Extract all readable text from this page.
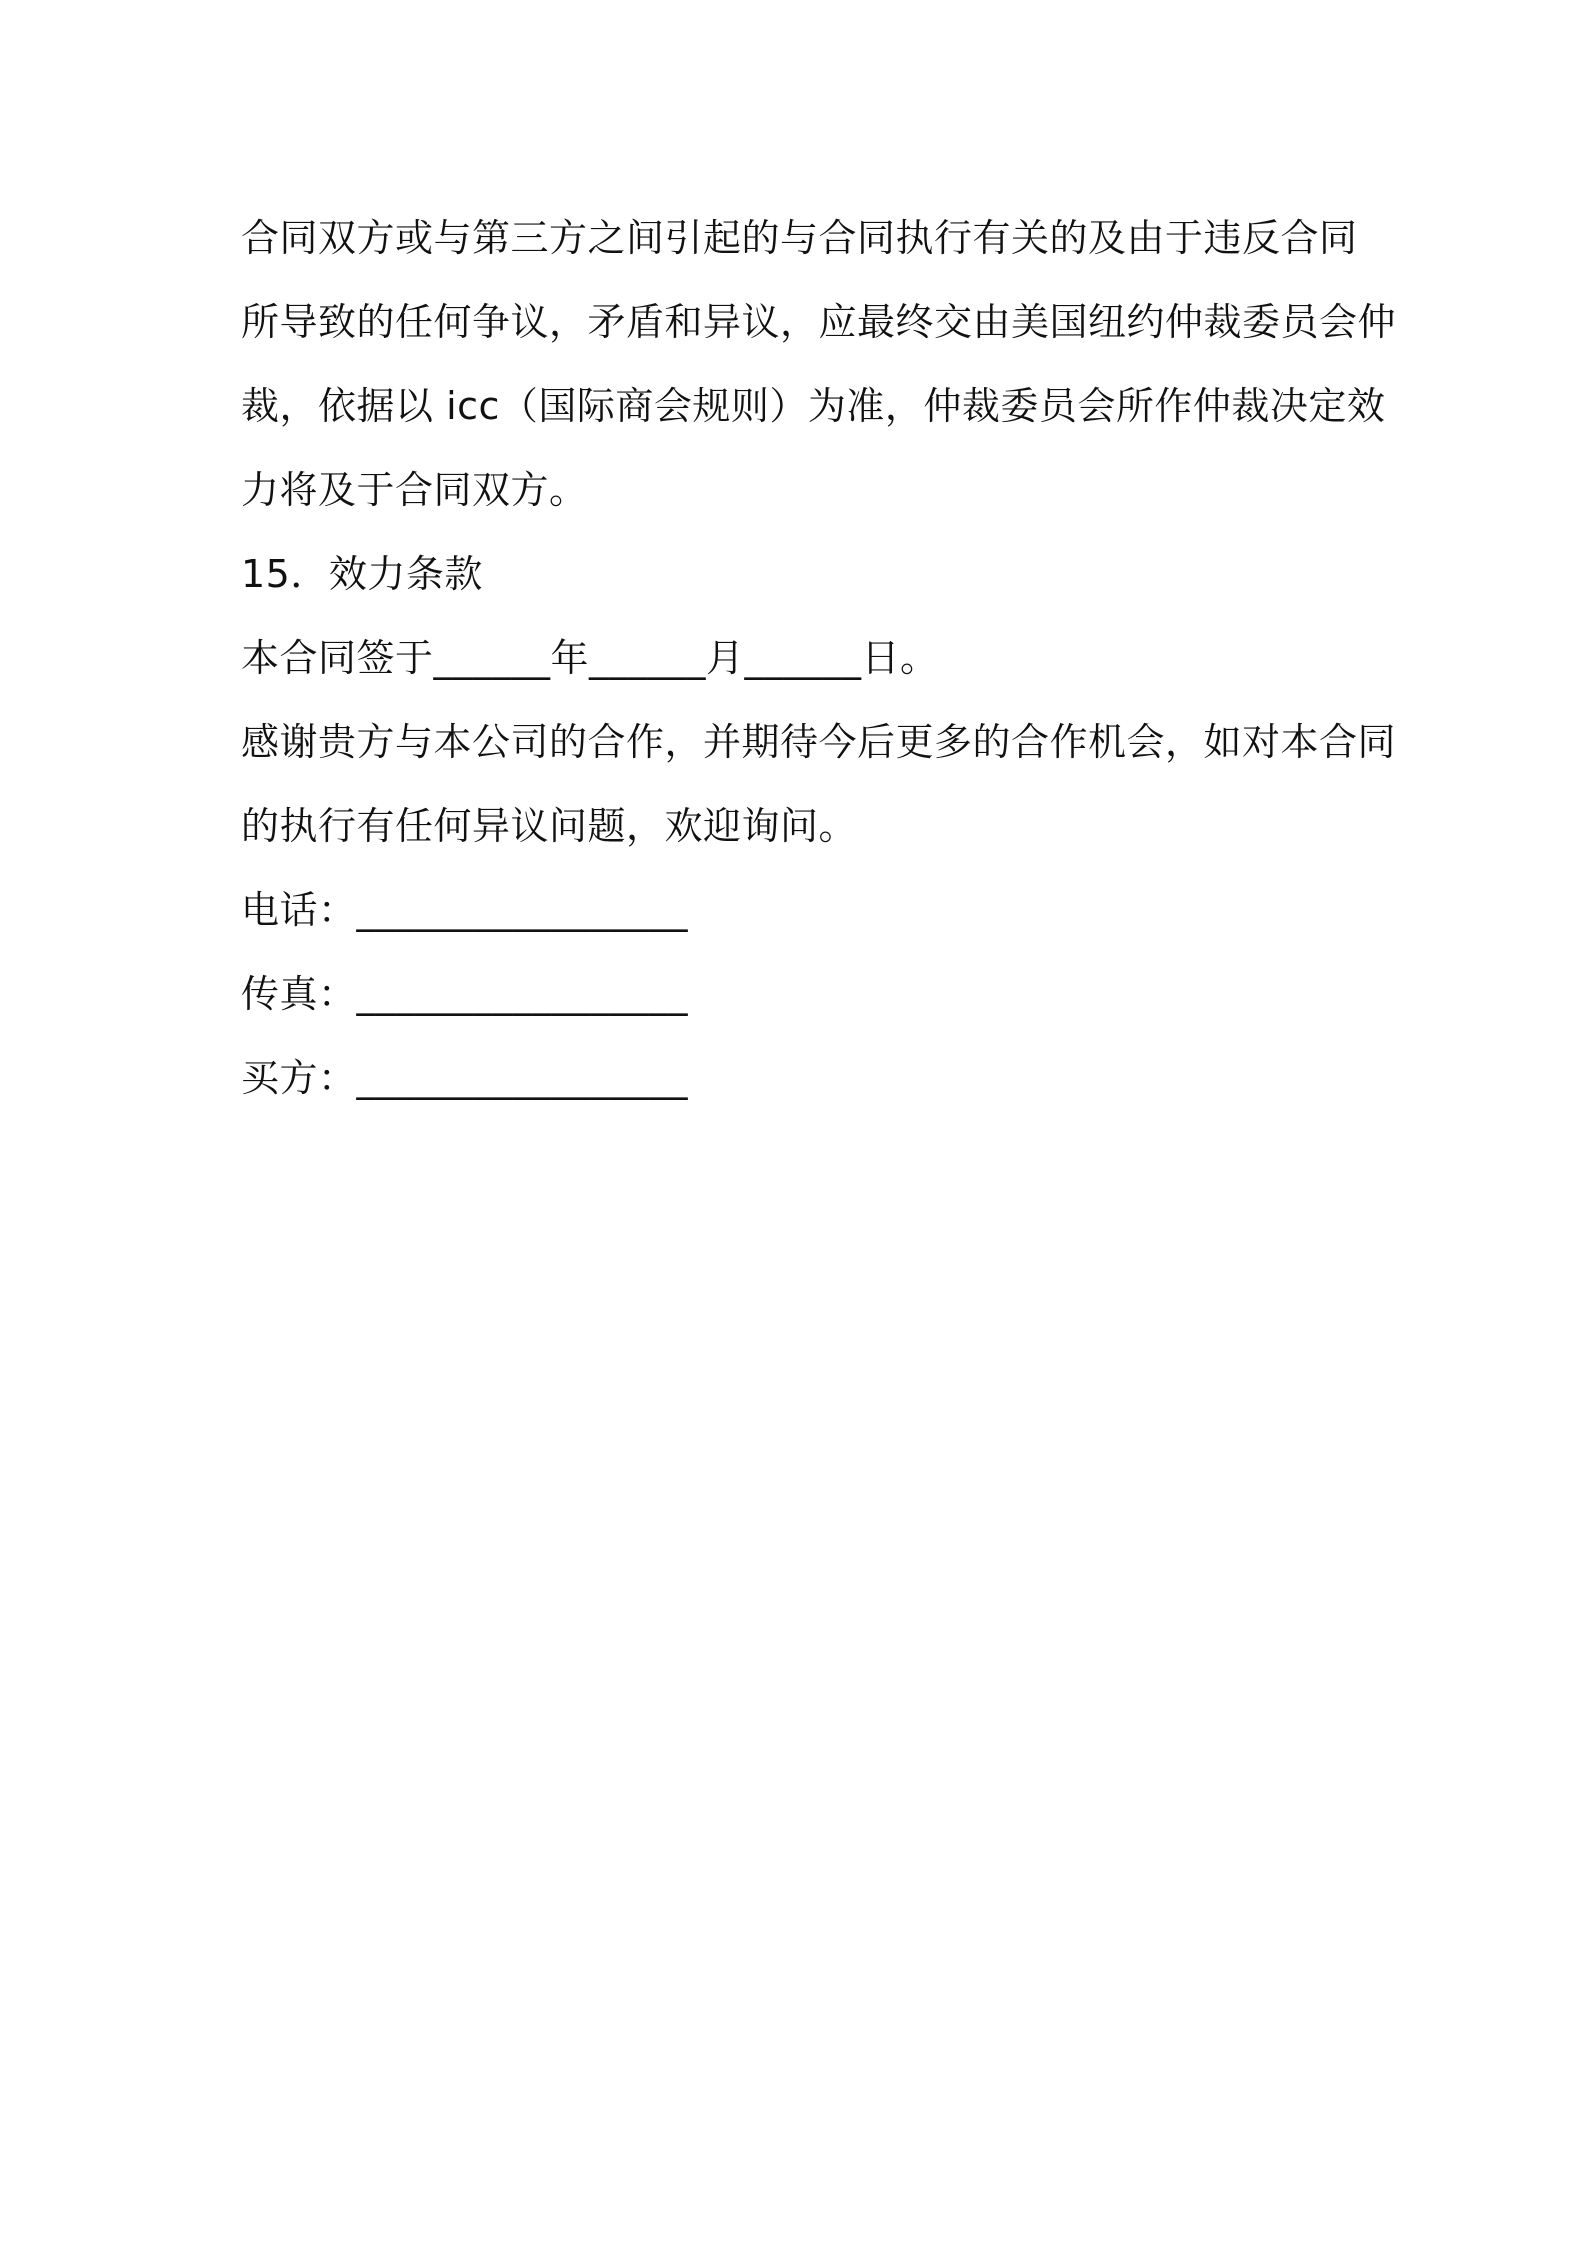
合同双方或与第三方之间引起的与合同执行有关的及由于违反合同
所导致的任何争议，矛盾和异议，应最终交由美国纽约仲裁委员会仲
裁，依据以 icc（国际商会规则）为准，仲裁委员会所作仲裁决定效
力将及于合同双方。
15．效力条款
本合同签于______年______月______日。
感谢贵方与本公司的合作，并期待今后更多的合作机会，如对本合同
的执行有任何异议问题，欢迎询问。
电话：_________________
传真：_________________
买方：_________________
